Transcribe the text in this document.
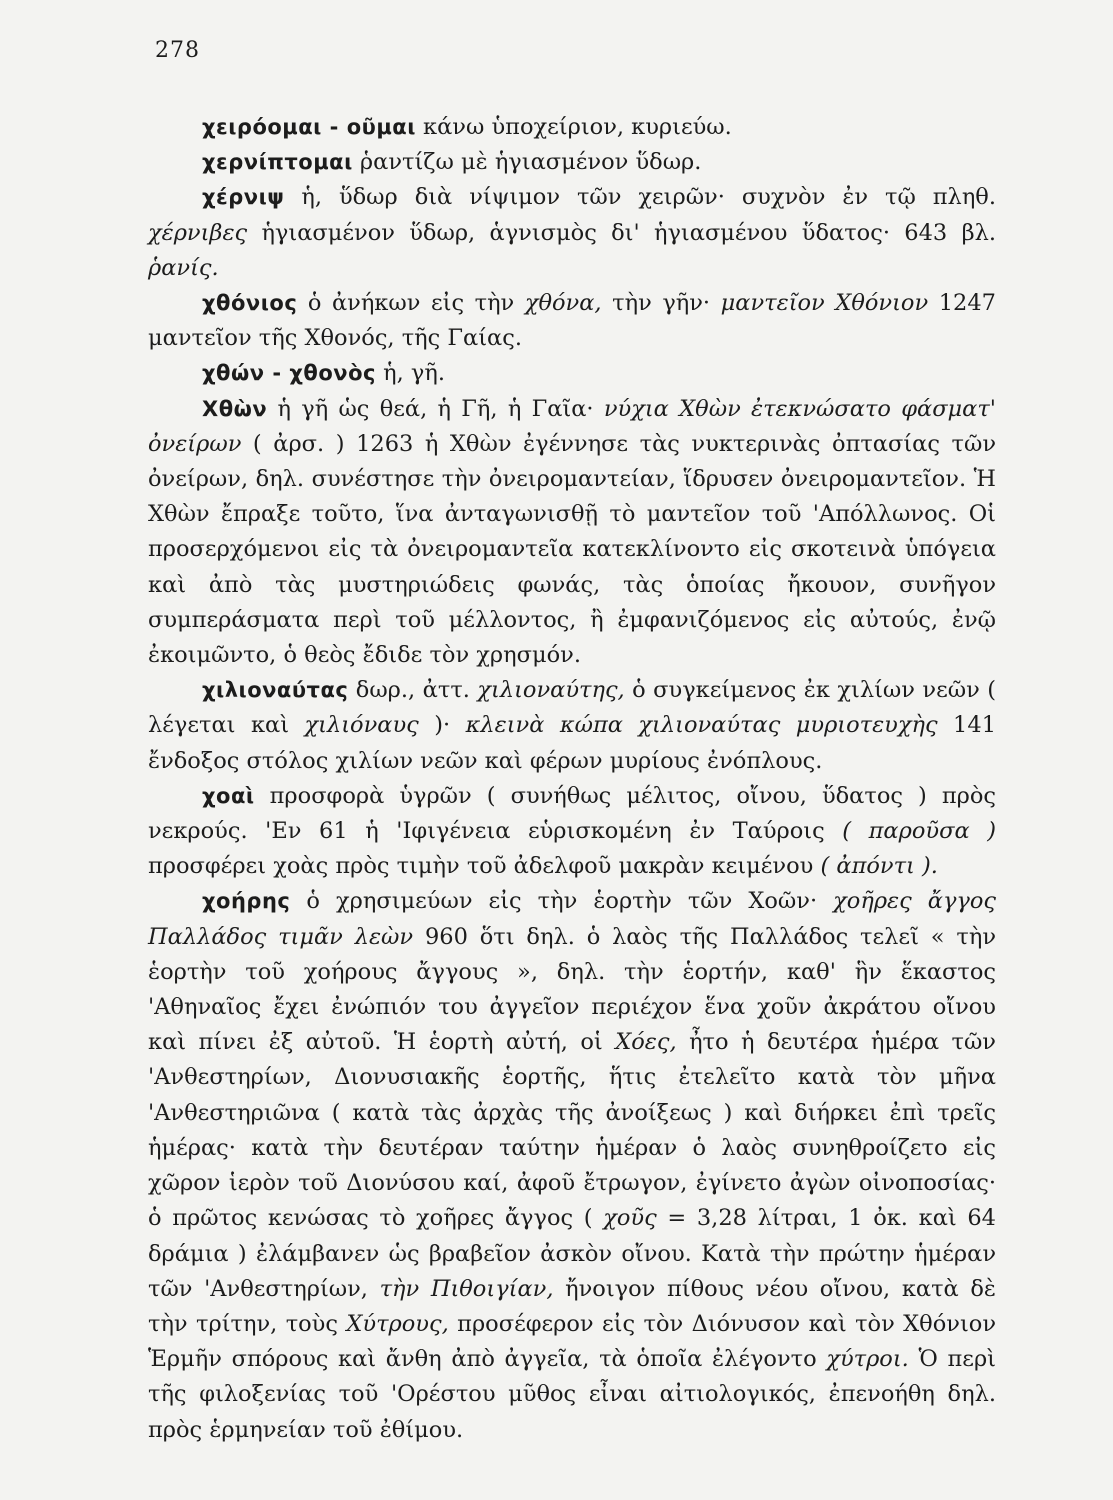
278

χειρόομαι - οῦμαι κάνω ὑποχείριον, κυριεύω.

χερνίπτομαι ῥαντίζω μὲ ἡγιασμένον ὕδωρ.

χέρνιψ ἡ, ὕδωρ διὰ νίψιμον τῶν χειρῶν· συχνὸν ἐν τῷ πληθ. χέρνιβες ἡγιασμένον ὕδωρ, ἁγνισμὸς δι' ἡγιασμένου ὕδατος· 643 βλ. ῥανίς.

χθόνιος ὁ ἀνήκων εἰς τὴν χθόνα, τὴν γῆν· μαντεῖον Χθόνιον 1247 μαντεῖον τῆς Χθονός, τῆς Γαίας.

χθών - χθονὸς ἡ, γῆ.

Χθὼν ἡ γῆ ὡς θεά, ἡ Γῆ, ἡ Γαῖα· νύχια Χθὼν ἐτεκνώσατο φάσματ' ὀνείρων ( ἀρσ. ) 1263 ἡ Χθὼν ἐγέννησε τὰς νυκτερινὰς ὀπτασίας τῶν ὀνείρων, δηλ. συνέστησε τὴν ὀνειρομαντείαν, ἵδρυσεν ὀνειρομαντεῖον. Ἡ Χθὼν ἔπραξε τοῦτο, ἵνα ἀνταγωνισθῇ τὸ μαντεῖον τοῦ 'Απόλλωνος. Οἱ προσερχόμενοι εἰς τὰ ὀνειρομαντεῖα κατεκλίνοντο εἰς σκοτεινὰ ὑπόγεια καὶ ἀπὸ τὰς μυστηριώδεις φωνάς, τὰς ὁποίας ἤκουον, συνῆγον συμπεράσματα περὶ τοῦ μέλλοντος, ἢ ἐμφανιζόμενος εἰς αὐτούς, ἐνῷ ἐκοιμῶντο, ὁ θεὸς ἔδιδε τὸν χρησμόν.

χιλιοναύτας δωρ., ἀττ. χιλιοναύτης, ὁ συγκείμενος ἐκ χιλίων νεῶν ( λέγεται καὶ χιλιόναυς )· κλεινὰ κώπα χιλιοναύτας μυριοτευχὴς 141 ἔνδοξος στόλος χιλίων νεῶν καὶ φέρων μυρίους ἐνόπλους.

χοαὶ προσφορὰ ὑγρῶν ( συνήθως μέλιτος, οἴνου, ὕδατος ) πρὸς νεκρούς. 'Εν 61 ἡ 'Ιφιγένεια εὑρισκομένη ἐν Ταύροις ( παροῦσα ) προσφέρει χοὰς πρὸς τιμὴν τοῦ ἀδελφοῦ μακρὰν κειμένου ( ἀπόντι ).

χοήρης ὁ χρησιμεύων εἰς τὴν ἑορτὴν τῶν Χοῶν· χοῆρες ἄγγος Παλλάδος τιμᾶν λεὼν 960 ὅτι δηλ. ὁ λαὸς τῆς Παλλάδος τελεῖ « τὴν ἑορτὴν τοῦ χοήρους ἄγγους », δηλ. τὴν ἑορτήν, καθ' ἣν ἕκαστος 'Αθηναῖος ἔχει ἐνώπιόν του ἀγγεῖον περιέχον ἕνα χοῦν ἀκράτου οἴνου καὶ πίνει ἐξ αὐτοῦ. Ἡ ἑορτὴ αὐτή, οἱ Χόες, ἦτο ἡ δευτέρα ἡμέρα τῶν 'Ανθεστηρίων, Διονυσιακῆς ἑορτῆς, ἥτις ἐτελεῖτο κατὰ τὸν μῆνα 'Ανθεστηριῶνα ( κατὰ τὰς ἀρχὰς τῆς ἀνοίξεως ) καὶ διήρκει ἐπὶ τρεῖς ἡμέρας· κατὰ τὴν δευτέραν ταύτην ἡμέραν ὁ λαὸς συνηθροίζετο εἰς χῶρον ἱερὸν τοῦ Διονύσου καί, ἀφοῦ ἔτρωγον, ἐγίνετο ἀγὼν οἰνοποσίας· ὁ πρῶτος κενώσας τὸ χοῆρες ἄγγος ( χοῦς = 3,28 λίτραι, 1 ὀκ. καὶ 64 δράμια ) ἐλάμβανεν ὡς βραβεῖον ἀσκὸν οἴνου. Κατὰ τὴν πρώτην ἡμέραν τῶν 'Ανθεστηρίων, τὴν Πιθοιγίαν, ἤνοιγον πίθους νέου οἴνου, κατὰ δὲ τὴν τρίτην, τοὺς Χύτρους, προσέφερον εἰς τὸν Διόνυσον καὶ τὸν Χθόνιον Ἑρμῆν σπόρους καὶ ἄνθη ἀπὸ ἀγγεῖα, τὰ ὁποῖα ἐλέγοντο χύτροι. Ὁ περὶ τῆς φιλοξενίας τοῦ 'Ορέστου μῦθος εἶναι αἰτιολογικός, ἐπενοήθη δηλ. πρὸς ἑρμηνείαν τοῦ ἐθίμου.
